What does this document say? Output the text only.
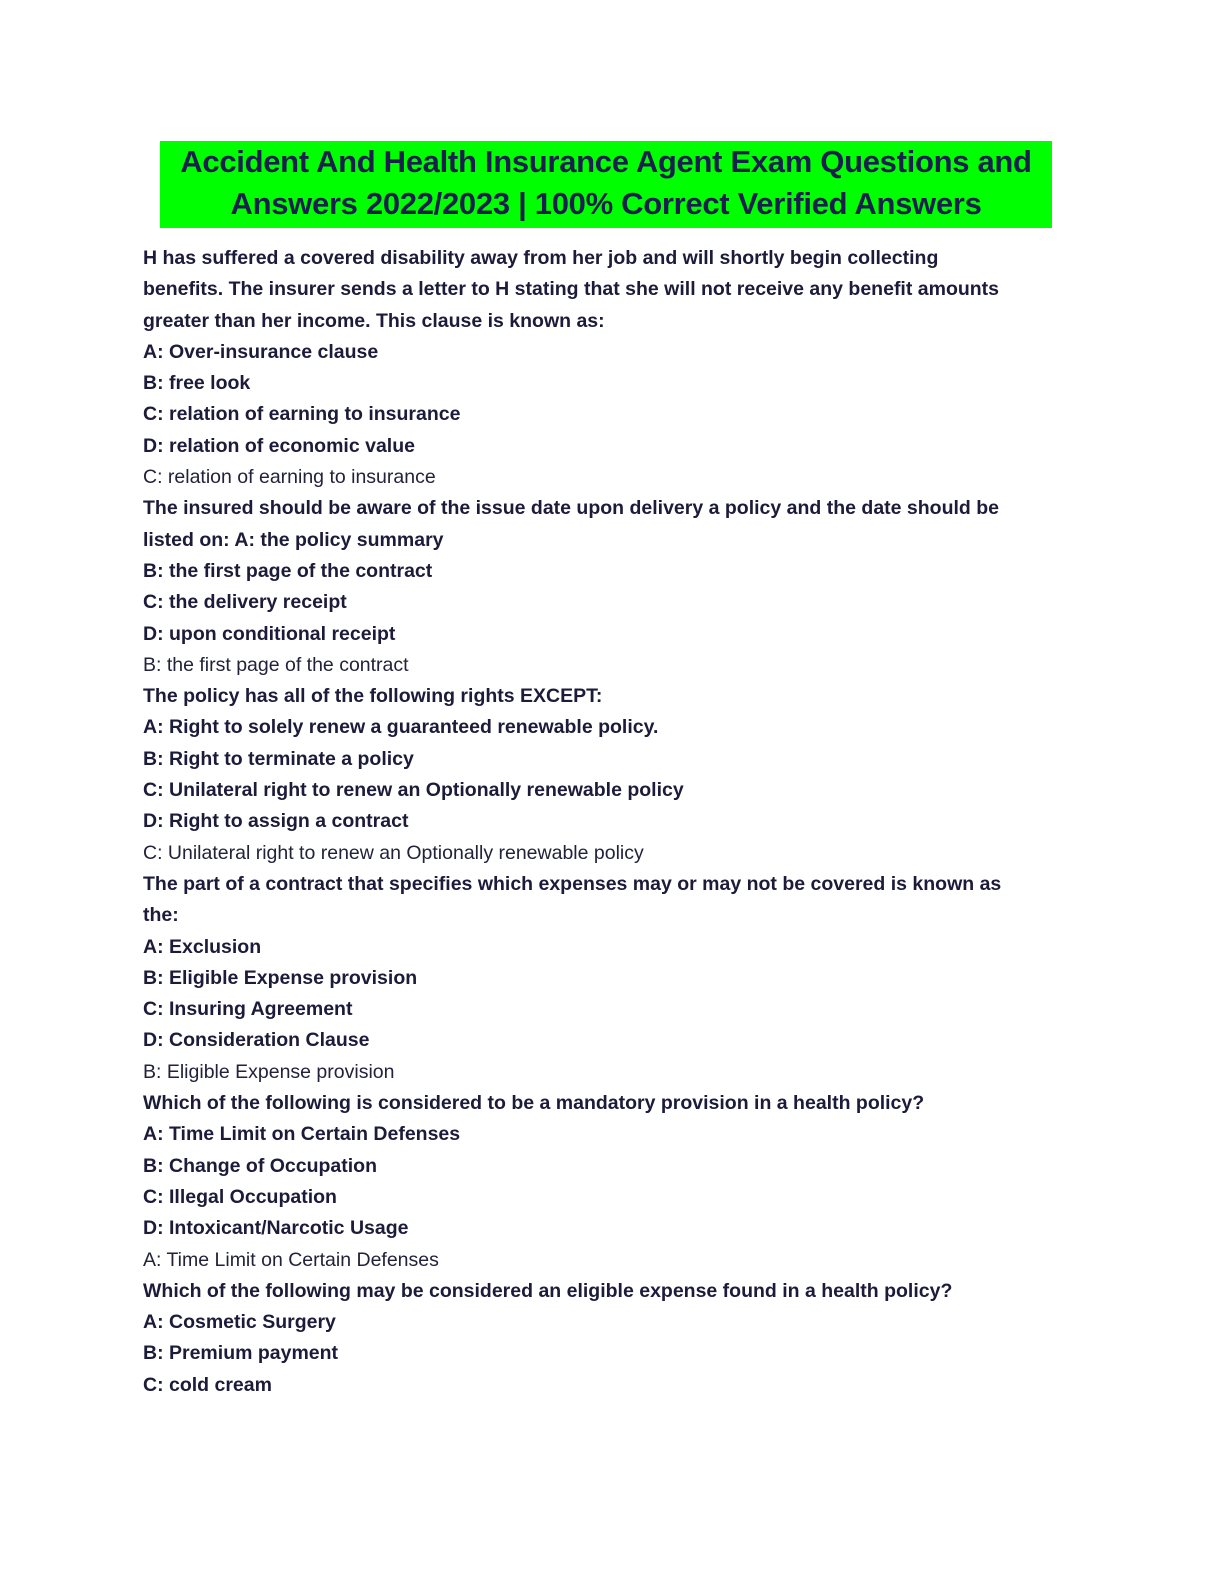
Accident And Health Insurance Agent Exam Questions and
Answers 2022/2023 | 100% Correct Verified Answers
H has suffered a covered disability away from her job and will shortly begin collecting
benefits. The insurer sends a letter to H stating that she will not receive any benefit amounts
greater than her income. This clause is known as:
A: Over-insurance clause
B: free look
C: relation of earning to insurance
D: relation of economic value
C: relation of earning to insurance
The insured should be aware of the issue date upon delivery a policy and the date should be
listed on: A: the policy summary
B: the first page of the contract
C: the delivery receipt
D: upon conditional receipt
B: the first page of the contract
The policy has all of the following rights EXCEPT:
A: Right to solely renew a guaranteed renewable policy.
B: Right to terminate a policy
C: Unilateral right to renew an Optionally renewable policy
D: Right to assign a contract
C: Unilateral right to renew an Optionally renewable policy
The part of a contract that specifies which expenses may or may not be covered is known as
the:
A: Exclusion
B: Eligible Expense provision
C: Insuring Agreement
D: Consideration Clause
B: Eligible Expense provision
Which of the following is considered to be a mandatory provision in a health policy?
A: Time Limit on Certain Defenses
B: Change of Occupation
C: Illegal Occupation
D: Intoxicant/Narcotic Usage
A: Time Limit on Certain Defenses
Which of the following may be considered an eligible expense found in a health policy?
A: Cosmetic Surgery
B: Premium payment
C: cold cream
